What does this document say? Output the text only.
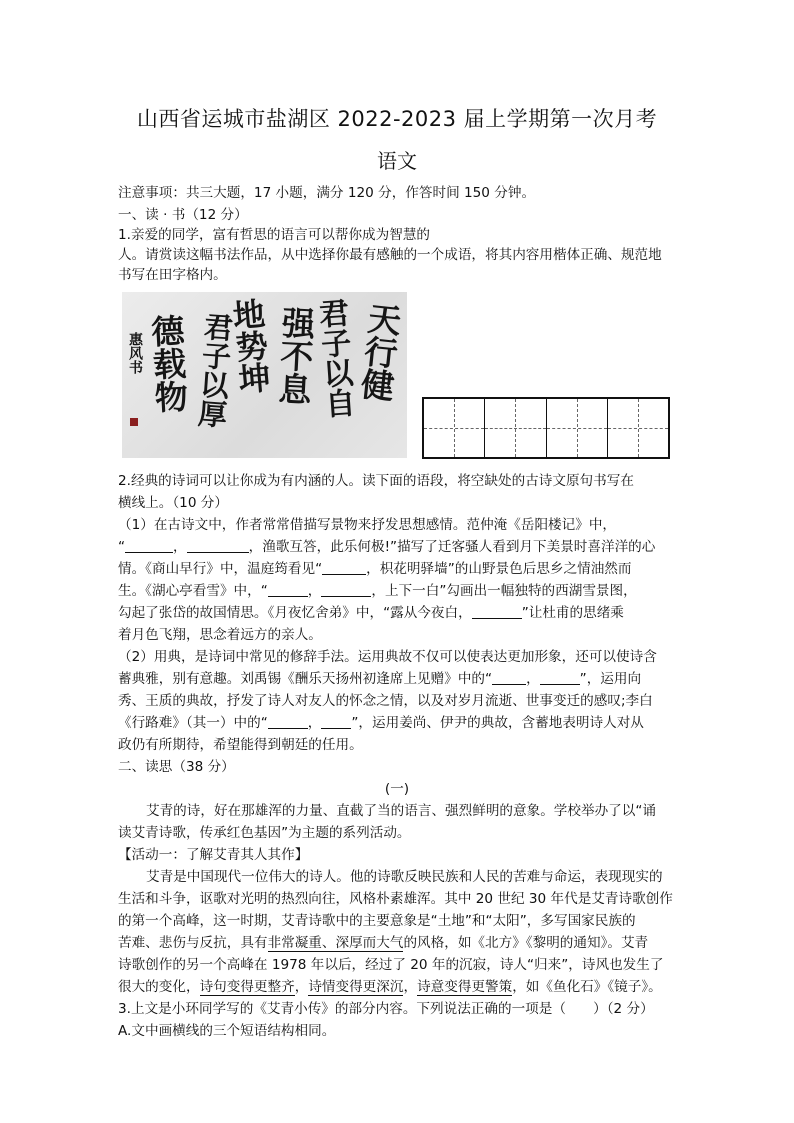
山西省运城市盐湖区 2022-2023 届上学期第一次月考
语文
注意事项：共三大题，17 小题，满分 120 分，作答时间 150 分钟。
一、读 · 书（12 分）
1.亲爱的同学，富有哲思的语言可以帮你成为智慧的
人。请赏读这幅书法作品，从中选择你最有感触的一个成语，将其内容用楷体正确、规范地
书写在田字格内。
天行健
君子以自
强不息
地势坤
君子以厚
德载物
惠风书
2.经典的诗词可以让你成为有内涵的人。读下面的语段，将空缺处的古诗文原句书写在
横线上。（10 分）
（1）在古诗文中，作者常常借描写景物来抒发思想感情。范仲淹《岳阳楼记》中，
“	，	，渔歌互答，此乐何极!”描写了迁客骚人看到月下美景时喜洋洋的心
情。《商山早行》中，温庭筠看见“	，枳花明驿墙”的山野景色后思乡之情油然而
生。《湖心亭看雪》中，“	，	，上下一白”勾画出一幅独特的西湖雪景图，
勾起了张岱的故国情思。《月夜忆舍弟》中，“露从今夜白，	”让杜甫的思绪乘
着月色飞翔，思念着远方的亲人。
（2）用典，是诗词中常见的修辞手法。运用典故不仅可以使表达更加形象，还可以使诗含
蓄典雅，别有意趣。刘禹锡《酬乐天扬州初逢席上见赠》中的“	，	”，运用向
秀、王质的典故，抒发了诗人对友人的怀念之情，以及对岁月流逝、世事变迁的感叹;李白
《行路难》（其一）中的“	， ”，运用姜尚、伊尹的典故，含蓄地表明诗人对从
政仍有所期待，希望能得到朝廷的任用。
二、读思（38 分）
(一)
艾青的诗，好在那雄浑的力量、直截了当的语言、强烈鲜明的意象。学校举办了以“诵
读艾青诗歌，传承红色基因”为主题的系列活动。
【活动一：了解艾青其人其作】
艾青是中国现代一位伟大的诗人。他的诗歌反映民族和人民的苦难与命运，表现现实的
生活和斗争，讴歌对光明的热烈向往，风格朴素雄浑。其中 20 世纪 30 年代是艾青诗歌创作
的第一个高峰，这一时期，艾青诗歌中的主要意象是“土地”和“太阳”，多写国家民族的
苦难、悲伤与反抗，具有非常凝重、深厚而大气的风格，如《北方》《黎明的通知》。艾青
诗歌创作的另一个高峰在 1978 年以后，经过了 20 年的沉寂，诗人“归来”，诗风也发生了
很大的变化，诗句变得更整齐，诗情变得更深沉，诗意变得更警策，如《鱼化石》《镜子》。
3.上文是小环同学写的《艾青小传》的部分内容。下列说法正确的一项是（　　）（2 分）
A.文中画横线的三个短语结构相同。
